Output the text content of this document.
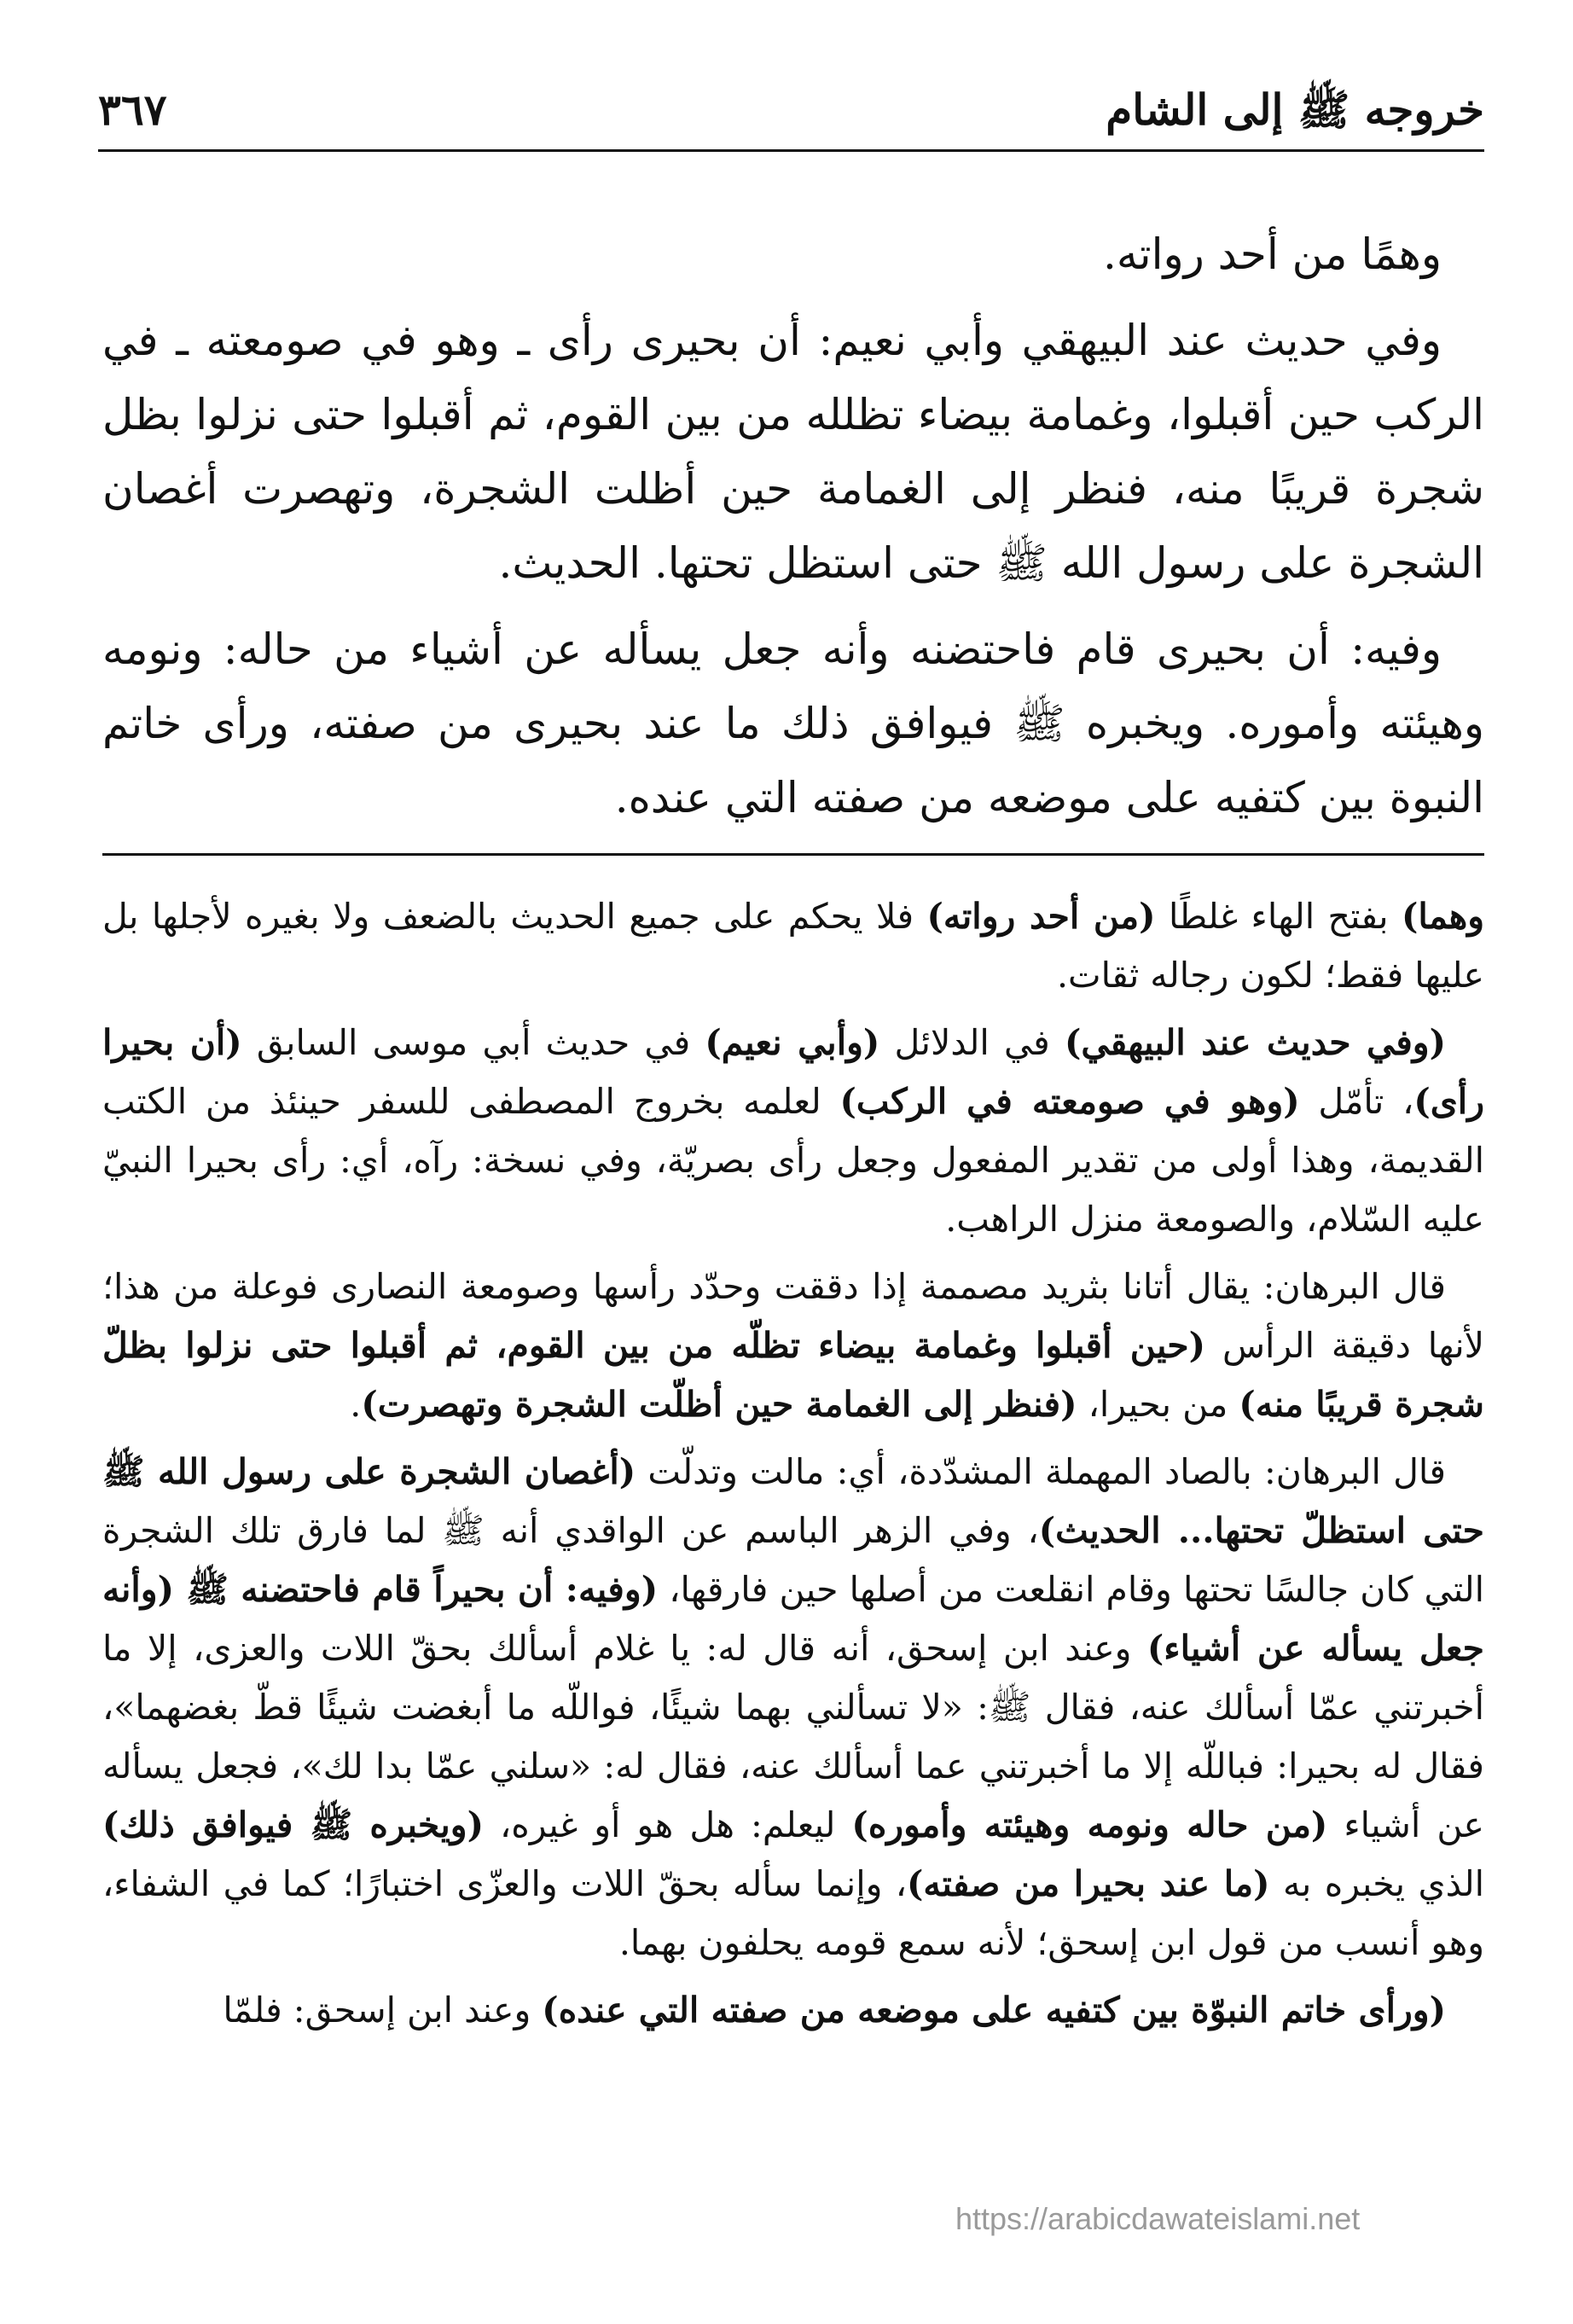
خروجه ﷺ إلى الشام
٣٦٧

وهمًا من أحد رواته.

وفي حديث عند البيهقي وأبي نعيم: أن بحيرى رأى ـ وهو في صومعته ـ في الركب حين أقبلوا، وغمامة بيضاء تظلله من بين القوم، ثم أقبلوا حتى نزلوا بظل شجرة قريبًا منه، فنظر إلى الغمامة حين أظلت الشجرة، وتهصرت أغصان الشجرة على رسول الله ﷺ حتى استظل تحتها. الحديث.

وفيه: أن بحيرى قام فاحتضنه وأنه جعل يسأله عن أشياء من حاله: ونومه وهيئته وأموره. ويخبره ﷺ فيوافق ذلك ما عند بحيرى من صفته، ورأى خاتم النبوة بين كتفيه على موضعه من صفته التي عنده.

وهما) بفتح الهاء غلطًا (من أحد رواته) فلا يحكم على جميع الحديث بالضعف ولا بغيره لأجلها بل عليها فقط؛ لكون رجاله ثقات.

(وفي حديث عند البيهقي) في الدلائل (وأبي نعيم) في حديث أبي موسى السابق (أن بحيرا رأى)، تأمّل (وهو في صومعته في الركب) لعلمه بخروج المصطفى للسفر حينئذ من الكتب القديمة، وهذا أولى من تقدير المفعول وجعل رأى بصريّة، وفي نسخة: رآه، أي: رأى بحيرا النبيّ عليه السّلام، والصومعة منزل الراهب.

قال البرهان: يقال أتانا بثريد مصممة إذا دققت وحدّد رأسها وصومعة النصارى فوعلة من هذا؛ لأنها دقيقة الرأس (حين أقبلوا وغمامة بيضاء تظلّه من بين القوم، ثم أقبلوا حتى نزلوا بظلّ شجرة قريبًا منه) من بحيرا، (فنظر إلى الغمامة حين أظلّت الشجرة وتهصرت).

قال البرهان: بالصاد المهملة المشدّدة، أي: مالت وتدلّت (أغصان الشجرة على رسول الله ﷺ حتى استظلّ تحتها... الحديث)، وفي الزهر الباسم عن الواقدي أنه ﷺ لما فارق تلك الشجرة التي كان جالسًا تحتها وقام انقلعت من أصلها حين فارقها، (وفيه: أن بحيراً قام فاحتضنه ﷺ (وأنه جعل يسأله عن أشياء) وعند ابن إسحق، أنه قال له: يا غلام أسألك بحقّ اللات والعزى، إلا ما أخبرتني عمّا أسألك عنه، فقال ﷺ: «لا تسألني بهما شيئًا، فواللّه ما أبغضت شيئًا قطّ بغضهما»، فقال له بحيرا: فباللّه إلا ما أخبرتني عما أسألك عنه، فقال له: «سلني عمّا بدا لك»، فجعل يسأله عن أشياء (من حاله ونومه وهيئته وأموره) ليعلم: هل هو أو غيره، (ويخبره ﷺ فيوافق ذلك) الذي يخبره به (ما عند بحيرا من صفته)، وإنما سأله بحقّ اللات والعزّى اختبارًا؛ كما في الشفاء، وهو أنسب من قول ابن إسحق؛ لأنه سمع قومه يحلفون بهما.

(ورأى خاتم النبوّة بين كتفيه على موضعه من صفته التي عنده) وعند ابن إسحق: فلمّا

https://arabicdawateislami.net
